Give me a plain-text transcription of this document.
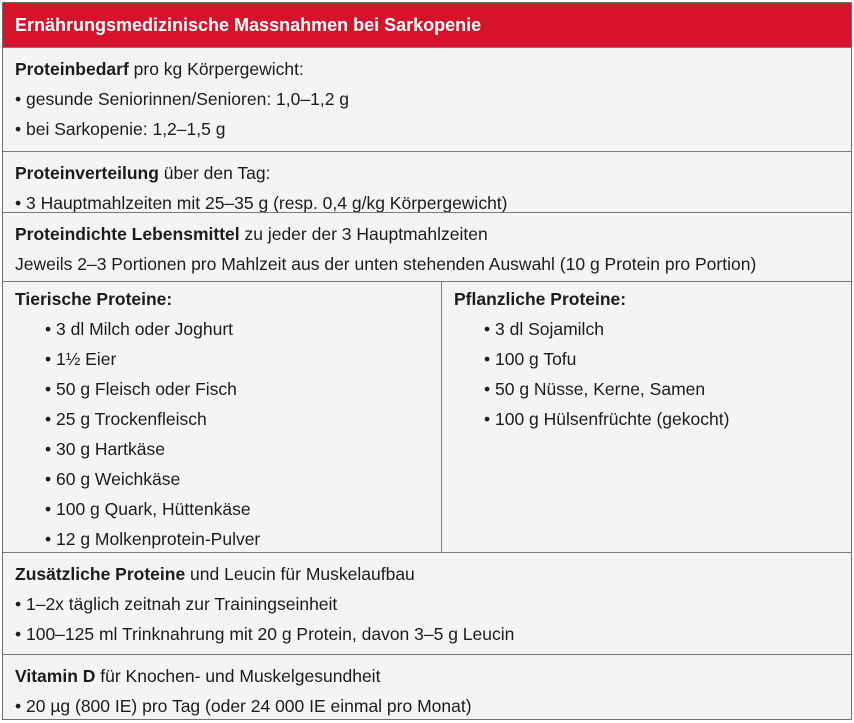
Ernährungsmedizinische Massnahmen bei Sarkopenie
Proteinbedarf pro kg Körpergewicht:
• gesunde Seniorinnen/Senioren: 1,0–1,2 g
• bei Sarkopenie: 1,2–1,5 g
Proteinverteilung über den Tag:
• 3 Hauptmahlzeiten mit 25–35 g (resp. 0,4 g/kg Körpergewicht)
Proteindichte Lebensmittel zu jeder der 3 Hauptmahlzeiten
Jeweils 2–3 Portionen pro Mahlzeit aus der unten stehenden Auswahl (10 g Protein pro Portion)
Tierische Proteine:
• 3 dl Milch oder Joghurt
• 1½ Eier
• 50 g Fleisch oder Fisch
• 25 g Trockenfleisch
• 30 g Hartkäse
• 60 g Weichkäse
• 100 g Quark, Hüttenkäse
• 12 g Molkenprotein-Pulver
Pflanzliche Proteine:
• 3 dl Sojamilch
• 100 g Tofu
• 50 g Nüsse, Kerne, Samen
• 100 g Hülsenfrüchte (gekocht)
Zusätzliche Proteine und Leucin für Muskelaufbau
• 1–2x täglich zeitnah zur Trainingseinheit
• 100–125 ml Trinknahrung mit 20 g Protein, davon 3–5 g Leucin
Vitamin D für Knochen- und Muskelgesundheit
• 20 µg (800 IE) pro Tag (oder 24 000 IE einmal pro Monat)
